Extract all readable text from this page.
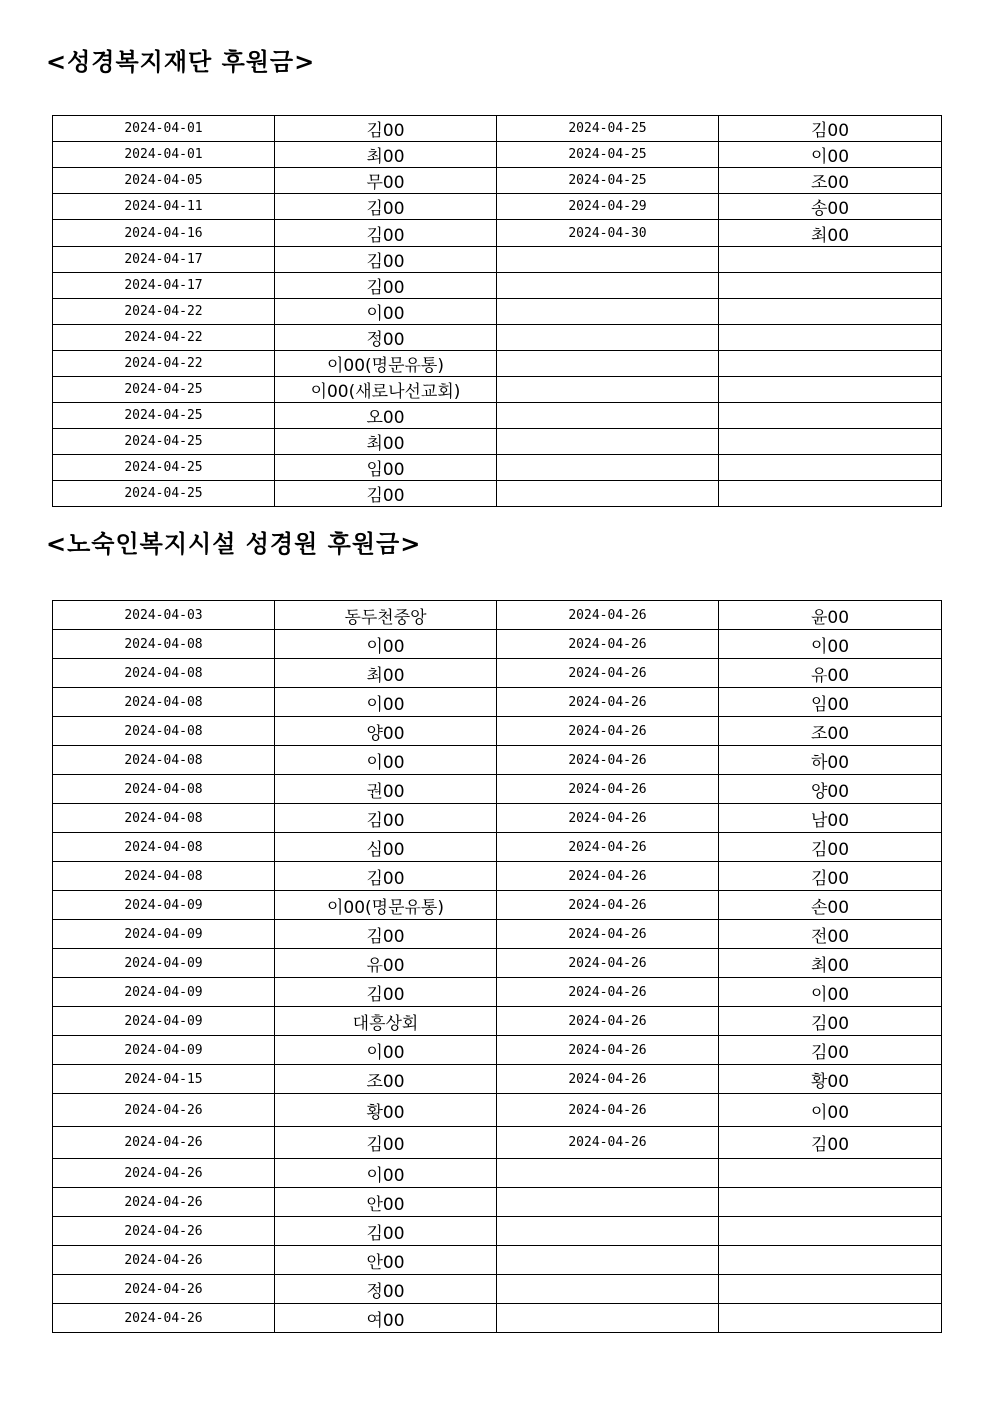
<성경복지재단 후원금>
2024-04-01	김00	2024-04-25	김00
2024-04-01	최00	2024-04-25	이00
2024-04-05	무00	2024-04-25	조00
2024-04-11	김00	2024-04-29	송00
2024-04-16	김00	2024-04-30	최00
2024-04-17	김00		
2024-04-17	김00		
2024-04-22	이00		
2024-04-22	정00		
2024-04-22	이00(명문유통)		
2024-04-25	이00(새로나선교회)		
2024-04-25	오00		
2024-04-25	최00		
2024-04-25	임00		
2024-04-25	김00		
<노숙인복지시설 성경원 후원금>
2024-04-03	동두천중앙	2024-04-26	윤00
2024-04-08	이00	2024-04-26	이00
2024-04-08	최00	2024-04-26	유00
2024-04-08	이00	2024-04-26	임00
2024-04-08	양00	2024-04-26	조00
2024-04-08	이00	2024-04-26	하00
2024-04-08	권00	2024-04-26	양00
2024-04-08	김00	2024-04-26	남00
2024-04-08	심00	2024-04-26	김00
2024-04-08	김00	2024-04-26	김00
2024-04-09	이00(명문유통)	2024-04-26	손00
2024-04-09	김00	2024-04-26	전00
2024-04-09	유00	2024-04-26	최00
2024-04-09	김00	2024-04-26	이00
2024-04-09	대흥상회	2024-04-26	김00
2024-04-09	이00	2024-04-26	김00
2024-04-15	조00	2024-04-26	황00
2024-04-26	황00	2024-04-26	이00
2024-04-26	김00	2024-04-26	김00
2024-04-26	이00		
2024-04-26	안00		
2024-04-26	김00		
2024-04-26	안00		
2024-04-26	정00		
2024-04-26	여00		
